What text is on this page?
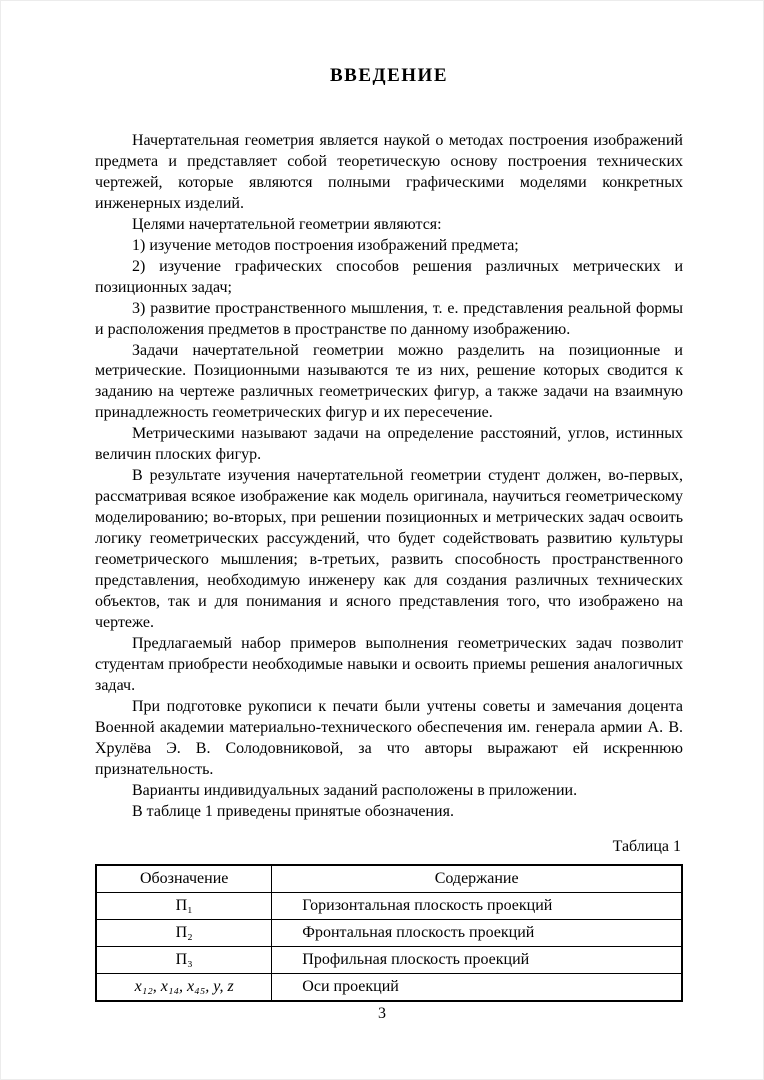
ВВЕДЕНИЕ

Начертательная геометрия является наукой о методах построения изображений предмета и представляет собой теоретическую основу построения технических чертежей, которые являются полными графическими моделями конкретных инженерных изделий.

Целями начертательной геометрии являются:

1) изучение методов построения изображений предмета;

2) изучение графических способов решения различных метрических и позиционных задач;

3) развитие пространственного мышления, т. е. представления реальной формы и расположения предметов в пространстве по данному изображению.

Задачи начертательной геометрии можно разделить на позиционные и метрические. Позиционными называются те из них, решение которых сводится к заданию на чертеже различных геометрических фигур, а также задачи на взаимную принадлежность геометрических фигур и их пересечение.

Метрическими называют задачи на определение расстояний, углов, истинных величин плоских фигур.

В результате изучения начертательной геометрии студент должен, во-первых, рассматривая всякое изображение как модель оригинала, научиться геометрическому моделированию; во-вторых, при решении позиционных и метрических задач освоить логику геометрических рассуждений, что будет содействовать развитию культуры геометрического мышления; в-третьих, развить способность пространственного представления, необходимую инженеру как для создания различных технических объектов, так и для понимания и ясного представления того, что изображено на чертеже.

Предлагаемый набор примеров выполнения геометрических задач позволит студентам приобрести необходимые навыки и освоить приемы решения аналогичных задач.

При подготовке рукописи к печати были учтены советы и замечания доцента Военной академии материально-технического обеспечения им. генерала армии А. В. Хрулёва Э. В. Солодовниковой, за что авторы выражают ей искреннюю признательность.

Варианты индивидуальных заданий расположены в приложении.

В таблице 1 приведены принятые обозначения.

Таблица 1
Обозначение	Содержание
П₁	Горизонтальная плоскость проекций
П₂	Фронтальная плоскость проекций
П₃	Профильная плоскость проекций
x₁₂, x₁₄, x₄₅, y, z	Оси проекций
3
